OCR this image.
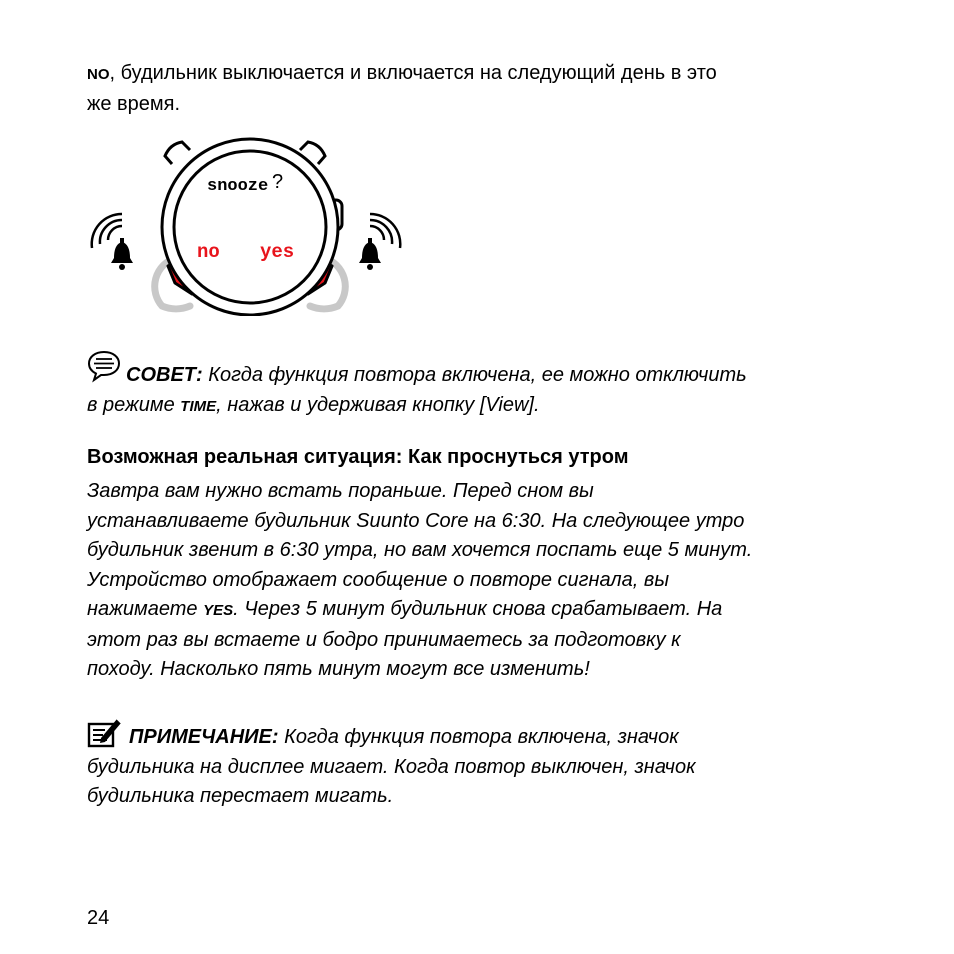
NO, будильник выключается и включается на следующий день в это
же время.
snooze ?
no yes
СОВЕТ: Когда функция повтора включена, ее можно отключить
в режиме TIME, нажав и удерживая кнопку [View].
Возможная реальная ситуация: Как проснуться утром
Завтра вам нужно встать пораньше. Перед сном вы
устанавливаете будильник Suunto Core на 6:30. На следующее утро
будильник звенит в 6:30 утра, но вам хочется поспать еще 5 минут.
Устройство отображает сообщение о повторе сигнала, вы
нажимаете YES. Через 5 минут будильник снова срабатывает. На
этот раз вы встаете и бодро принимаетесь за подготовку к
походу. Насколько пять минут могут все изменить!
ПРИМЕЧАНИЕ: Когда функция повтора включена, значок
будильника на дисплее мигает. Когда повтор выключен, значок
будильника перестает мигать.
24
